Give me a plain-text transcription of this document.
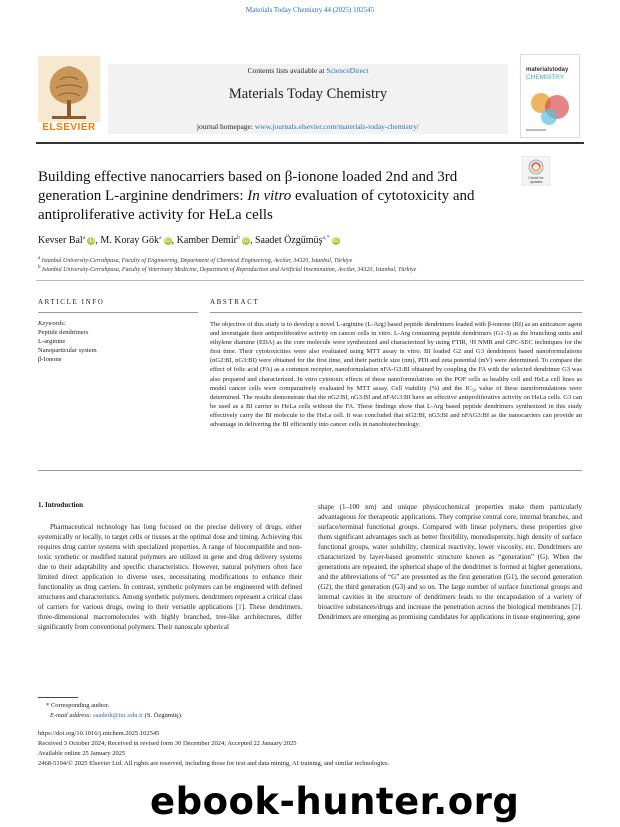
Materials Today Chemistry 44 (2025) 102545
ELSEVIER
Contents lists available at ScienceDirect
Materials Today Chemistry
journal homepage: www.journals.elsevier.com/materials-today-chemistry/
materialstoday
CHEMISTRY
Building effective nanocarriers based on β-ionone loaded 2nd and 3rd generation L-arginine dendrimers: In vitro evaluation of cytotoxicity and antiproliferative activity for HeLa cells
Check for
updates
Kevser Bal$^a$ iD, M. Koray Gök$^a$ iD, Kamber Demir$^b$ iD, Saadet Özgümüş$^{a,*}$ iD
$^a$ Istanbul University-Cerrahpasa, Faculty of Engineering, Department of Chemical Engineering, Avcilar, 34320, Istanbul, Türkiye
$^b$ Istanbul University-Cerrahpasa, Faculty of Veterinary Medicine, Department of Reproduction and Artificial Insemination, Avcilar, 34320, Istanbul, Türkiye
ARTICLE INFO	ABSTRACT
Keywords:
Peptide dendrimers
L-arginine
Nanoparticular system
β-Ionone
The objective of this study is to develop a novel L-arginine (L-Arg) based peptide dendrimers loaded with β-ionone (BI) as an anticancer agent and investigate their antiproliferative activity on cancer cells in vitro. L-Arg containing peptide dendrimers (G1-3) as the branching units and ethylene diamine (EDA) as the core molecule were synthesized and characterized by using FTIR, ¹H NMR and GPC-SEC techniques for the first time. Their cytotoxicities were also evaluated using MTT assay in vitro. BI loaded G2 and G3 dendrimers based nanoformulations (nG2:BI, nG3:BI) were obtained for the first time, and their particle size (nm), PDI and zeta potential (mV) were determined. To compare the effect of folic acid (FA) as a common receptor, nanoformulation nFA-G3:BI obtained by coupling the FA with the selected dendrimer G3 was also prepared and characterized. In vitro cytotoxic effects of these nanoformulations on the POF cells as healthy cell and HeLa cell lines as model cancer cells were comparatively evaluated by MTT assay. Cell viability (%) and the IC₅₀ value of these nanoformulations were determined. The results demonstrate that the nG2:BI, nG3:BI and nFAG3:BI have an effective antiproliferative activity on HeLa cells. G3 can be used as a BI carrier to HeLa cells without the FA. These findings show that L-Arg based peptide dendrimers synthesized in this study effectively carry the BI molecule to the HeLa cell. It was concluded that nG2:BI, nG3:BI and nFAG3:BI as the nanocarriers can provide an advantage in delivering the BI efficiently into cancer cells in nanobiotechnology.
1. Introduction
Pharmaceutical technology has long focused on the precise delivery of drugs, either systemically or locally, to target cells or tissues at the optimal dose and timing. Achieving this requires drug carrier systems with specialized properties. A range of biocompatible and non-toxic synthetic or modified natural polymers are utilized in gene and drug delivery systems due to their adaptability and specific characteristics. However, natural polymers often face limited direct application to diverse uses, necessitating modifications to enhance their functionality as drug carriers. In contrast, synthetic polymers can be engineered with defined structures and characteristics. Among synthetic polymers, dendrimers represent a critical class of carriers for various drugs, owing to their versatile applications [1]. These dendrimers, three-dimensional macromolecules with highly branched, tree-like architectures, differ significantly from conventional polymers. Their nanoscale spherical
shape (1–100 nm) and unique physicochemical properties make them particularly advantageous for therapeutic applications. They comprise central core, internal branches, and surface/terminal functional groups. Compared with linear polymers, these properties give them significant advantages such as better flexibility, monodispersity, high density of surface functional groups, water solubility, chemical reactivity, lower viscosity, etc. Dendrimers are characterized by layer-based geometric structure known as “generation” (G). When the generations are repeated, the spherical shape of the dendrimer is formed at higher generations, and the abbreviations of “G” are presented as the first generation (G1), the second generation (G2), the third generation (G3) and so on. The large number of surface functional groups and internal cavities in the structure of dendrimers leads to the encapsulation of a variety of bioactive substances/drugs and increase the penetration across the biological membranes [2]. Dendrimers are emerging as promising candidates for applications in tissue engineering, gene
* Corresponding author.
E-mail address: saadetk@iuc.edu.tr (S. Özgümüş).
https://doi.org/10.1016/j.mtchem.2025.102545
Received 3 October 2024; Received in revised form 30 December 2024; Accepted 22 January 2025
Available online 25 January 2025
2468-5194/© 2025 Elsevier Ltd. All rights are reserved, including those for text and data mining, AI training, and similar technologies.
ebook-hunter.org
